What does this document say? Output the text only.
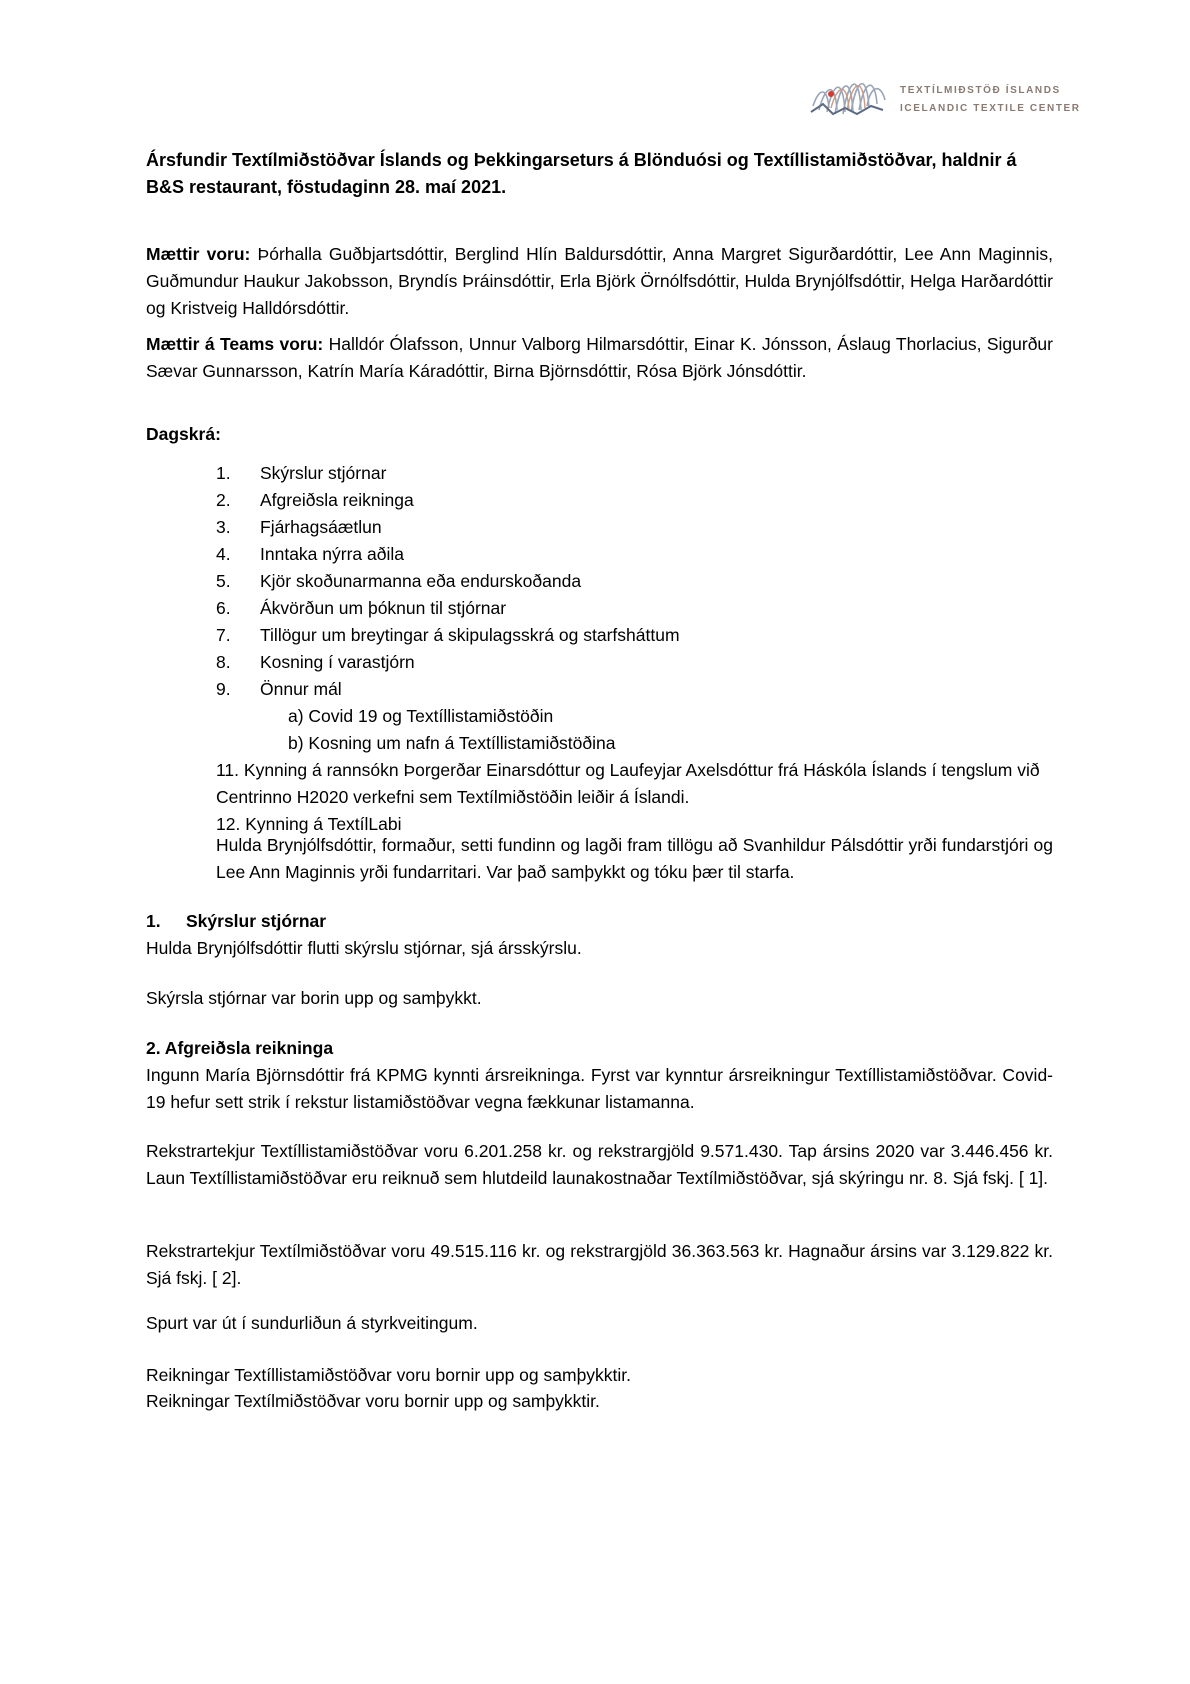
TEXTÍLMIÐSTÖÐ ÍSLANDS
ICELANDIC TEXTILE CENTER
Ársfundir Textílmiðstöðvar Íslands og Þekkingarseturs á Blönduósi og Textíllistamiðstöðvar, haldnir á B&S restaurant, föstudaginn 28. maí 2021.

Mættir voru: Þórhalla Guðbjartsdóttir, Berglind Hlín Baldursdóttir, Anna Margret Sigurðardóttir, Lee Ann Maginnis, Guðmundur Haukur Jakobsson, Bryndís Þráinsdóttir, Erla Björk Örnólfsdóttir, Hulda Brynjólfsdóttir, Helga Harðardóttir og Kristveig Halldórsdóttir.

Mættir á Teams voru: Halldór Ólafsson, Unnur Valborg Hilmarsdóttir, Einar K. Jónsson, Áslaug Thorlacius, Sigurður Sævar Gunnarsson, Katrín María Káradóttir, Birna Björnsdóttir, Rósa Björk Jónsdóttir.

Dagskrá:

1. Skýrslur stjórnar
2. Afgreiðsla reikninga
3. Fjárhagsáætlun
4. Inntaka nýrra aðila
5. Kjör skoðunarmanna eða endurskoðanda
6. Ákvörðun um þóknun til stjórnar
7. Tillögur um breytingar á skipulagsskrá og starfsháttum
8. Kosning í varastjórn
9. Önnur mál
a) Covid 19 og Textíllistamiðstöðin
b) Kosning um nafn á Textíllistamiðstöðina
11. Kynning á rannsókn Þorgerðar Einarsdóttur og Laufeyjar Axelsdóttur frá Háskóla Íslands í tengslum við Centrinno H2020 verkefni sem Textílmiðstöðin leiðir á Íslandi.
12. Kynning á TextílLabi

Hulda Brynjólfsdóttir, formaður, setti fundinn og lagði fram tillögu að Svanhildur Pálsdóttir yrði fundarstjóri og Lee Ann Maginnis yrði fundarritari. Var það samþykkt og tóku þær til starfa.

1. Skýrslur stjórnar

Hulda Brynjólfsdóttir flutti skýrslu stjórnar, sjá ársskýrslu.

Skýrsla stjórnar var borin upp og samþykkt.

2. Afgreiðsla reikninga

Ingunn María Björnsdóttir frá KPMG kynnti ársreikninga. Fyrst var kynntur ársreikningur Textíllistamiðstöðvar. Covid-19 hefur sett strik í rekstur listamiðstöðvar vegna fækkunar listamanna.

Rekstrartekjur Textíllistamiðstöðvar voru 6.201.258 kr. og rekstrargjöld 9.571.430. Tap ársins 2020 var 3.446.456 kr. Laun Textíllistamiðstöðvar eru reiknuð sem hlutdeild launakostnaðar Textílmiðstöðvar, sjá skýringu nr. 8. Sjá fskj. [ 1].

Rekstrartekjur Textílmiðstöðvar voru 49.515.116 kr. og rekstrargjöld 36.363.563 kr. Hagnaður ársins var 3.129.822 kr. Sjá fskj. [ 2].

Spurt var út í sundurliðun á styrkveitingum.

Reikningar Textíllistamiðstöðvar voru bornir upp og samþykktir.

Reikningar Textílmiðstöðvar voru bornir upp og samþykktir.
